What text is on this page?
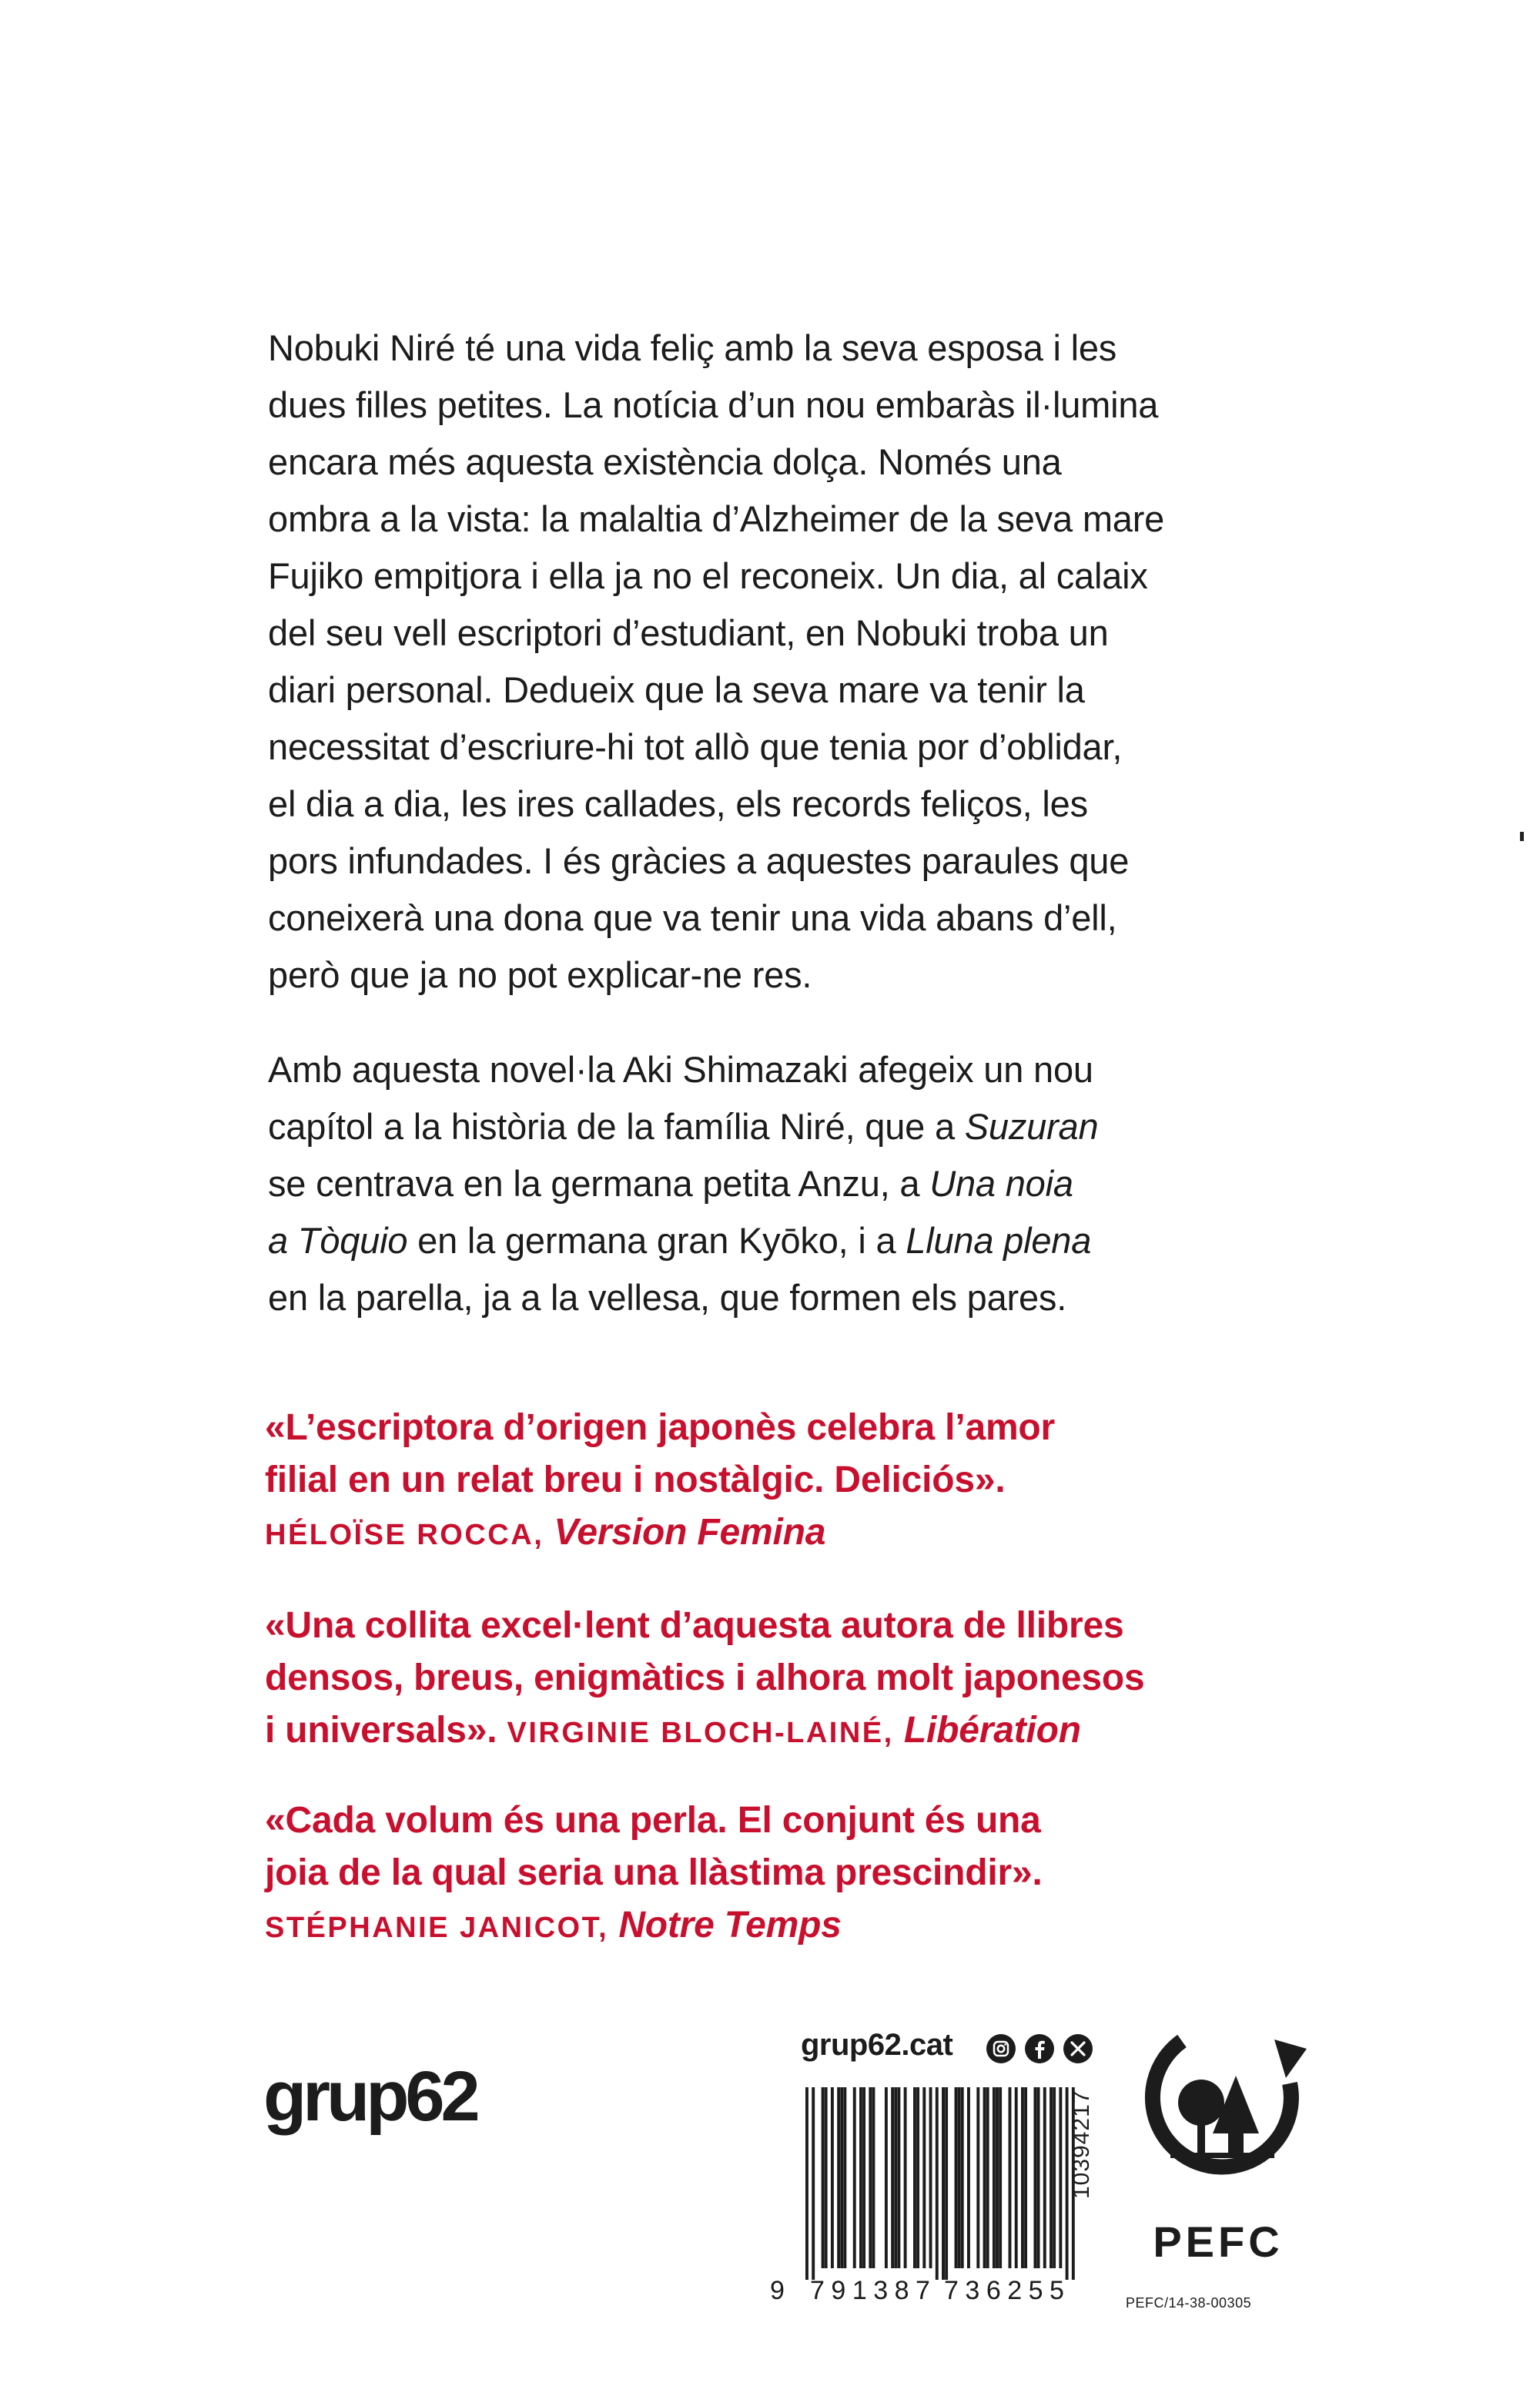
Nobuki Niré té una vida feliç amb la seva esposa i les
dues filles petites. La notícia d’un nou embaràs il·lumina
encara més aquesta existència dolça. Només una
ombra a la vista: la malaltia d’Alzheimer de la seva mare
Fujiko empitjora i ella ja no el reconeix. Un dia, al calaix
del seu vell escriptori d’estudiant, en Nobuki troba un
diari personal. Dedueix que la seva mare va tenir la
necessitat d’escriure-hi tot allò que tenia por d’oblidar,
el dia a dia, les ires callades, els records feliços, les
pors infundades. I és gràcies a aquestes paraules que
coneixerà una dona que va tenir una vida abans d’ell,
però que ja no pot explicar-ne res.
Amb aquesta novel·la Aki Shimazaki afegeix un nou
capítol a la història de la família Niré, que a Suzuran
se centrava en la germana petita Anzu, a Una noia
a Tòquio en la germana gran Kyōko, i a Lluna plena
en la parella, ja a la vellesa, que formen els pares.
«L’escriptora d’origen japonès celebra l’amor
filial en un relat breu i nostàlgic. Deliciós».
HÉLOÏSE ROCCA, Version Femina
«Una collita excel·lent d’aquesta autora de llibres
densos, breus, enigmàtics i alhora molt japonesos
i universals». VIRGINIE BLOCH-LAINÉ, Libération
«Cada volum és una perla. El conjunt és una
joia de la qual seria una llàstima prescindir».
STÉPHANIE JANICOT, Notre Temps
grup62
grup62.cat
9 791387 736255
10394217
PEFC
PEFC/14-38-00305
